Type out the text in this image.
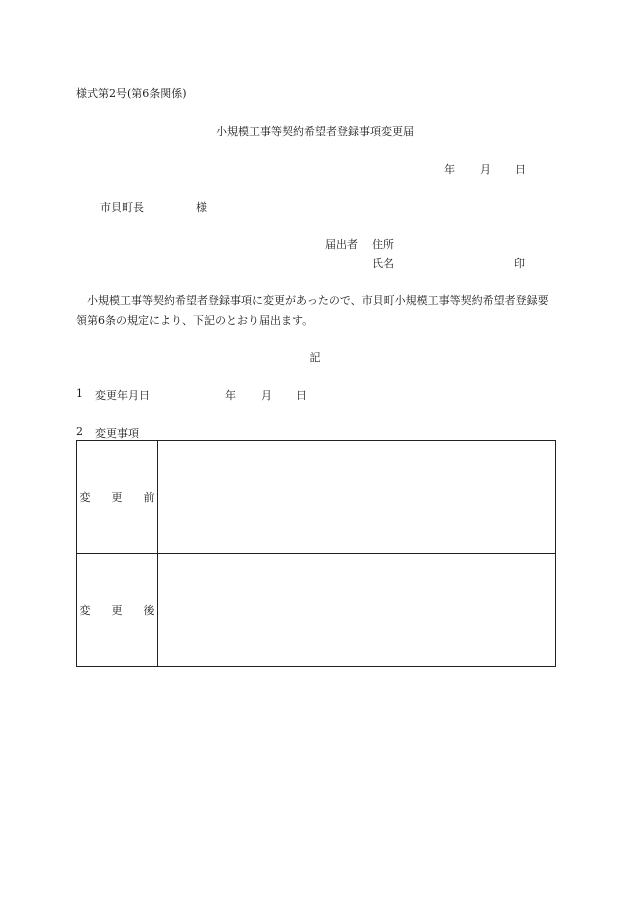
様式第2号(第6条関係)
小規模工事等契約希望者登録事項変更届
年 月 日
市貝町長	様
届出者 住所
氏名	印
小規模工事等契約希望者登録事項に変更があったので、市貝町小規模工事等契約希望者登録要領第6条の規定により、下記のとおり届出ます。
記
1 変更年月日	年 月 日
2 変更事項
変更前	
変更後	
